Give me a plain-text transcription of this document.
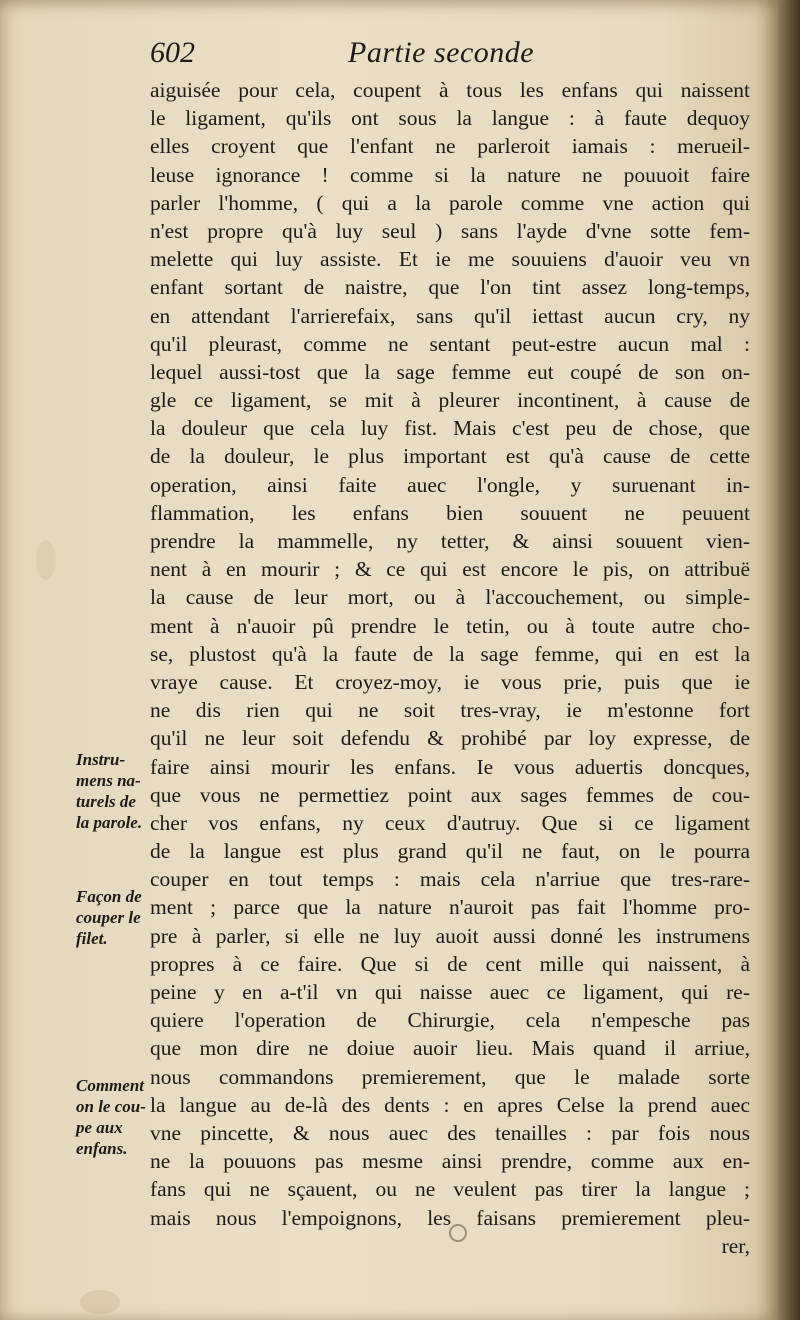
602	Partie seconde
aiguisée pour cela, coupent à tous les enfans qui naissent
le ligament, qu'ils ont sous la langue : à faute dequoy
elles croyent que l'enfant ne parleroit iamais : merueil-
leuse ignorance ! comme si la nature ne pouuoit faire
parler l'homme, ( qui a la parole comme vne action qui
n'est propre qu'à luy seul ) sans l'ayde d'vne sotte fem-
melette qui luy assiste. Et ie me souuiens d'auoir veu vn
enfant sortant de naistre, que l'on tint assez long-temps,
en attendant l'arrierefaix, sans qu'il iettast aucun cry, ny
qu'il pleurast, comme ne sentant peut-estre aucun mal :
lequel aussi-tost que la sage femme eut coupé de son on-
gle ce ligament, se mit à pleurer incontinent, à cause de
la douleur que cela luy fist. Mais c'est peu de chose, que
de la douleur, le plus important est qu'à cause de cette
operation, ainsi faite auec l'ongle, y suruenant in-
flammation, les enfans bien souuent ne peuuent
prendre la mammelle, ny tetter, & ainsi souuent vien-
nent à en mourir ; & ce qui est encore le pis, on attribuë
la cause de leur mort, ou à l'accouchement, ou simple-
ment à n'auoir pû prendre le tetin, ou à toute autre cho-
se, plustost qu'à la faute de la sage femme, qui en est la
vraye cause. Et croyez-moy, ie vous prie, puis que ie
ne dis rien qui ne soit tres-vray, ie m'estonne fort
qu'il ne leur soit defendu & prohibé par loy expresse, de
faire ainsi mourir les enfans. Ie vous aduertis doncques,
que vous ne permettiez point aux sages femmes de cou-
cher vos enfans, ny ceux d'autruy. Que si ce ligament
de la langue est plus grand qu'il ne faut, on le pourra
couper en tout temps : mais cela n'arriue que tres-rare-
ment ; parce que la nature n'auroit pas fait l'homme pro-
pre à parler, si elle ne luy auoit aussi donné les instrumens
propres à ce faire. Que si de cent mille qui naissent, à
peine y en a-t'il vn qui naisse auec ce ligament, qui re-
quiere l'operation de Chirurgie, cela n'empesche pas
que mon dire ne doiue auoir lieu. Mais quand il arriue,
nous commandons premierement, que le malade sorte
la langue au de-là des dents : en apres Celse la prend auec
vne pincette, & nous auec des tenailles : par fois nous
ne la pouuons pas mesme ainsi prendre, comme aux en-
fans qui ne sçauent, ou ne veulent pas tirer la langue ;
mais nous l'empoignons, les faisans premierement pleu-
rer,
Instru-
mens na-
turels de
la parole.
Façon de
couper le
filet.
Comment
on le cou-
pe aux
enfans.
